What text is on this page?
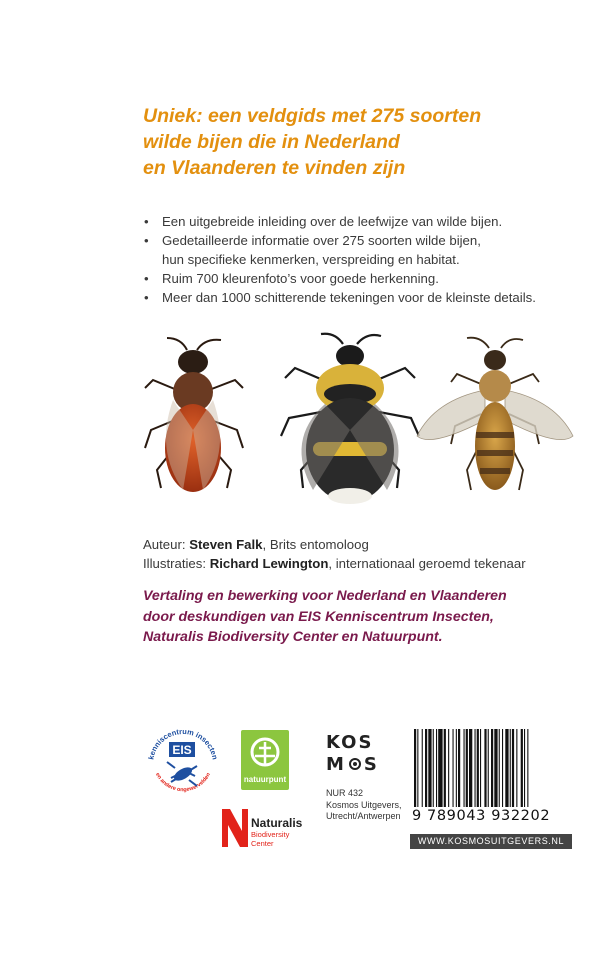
Uniek: een veldgids met 275 soorten
wilde bijen die in Nederland
en Vlaanderen te vinden zijn
• Een uitgebreide inleiding over de leefwijze van wilde bijen.
• Gedetailleerde informatie over 275 soorten wilde bijen,
hun specifieke kenmerken, verspreiding en habitat.
• Ruim 700 kleurenfoto’s voor goede herkenning.
• Meer dan 1000 schitterende tekeningen voor de kleinste details.
Auteur: Steven Falk, Brits entomoloog
Illustraties: Richard Lewington, internationaal geroemd tekenaar
Vertaling en bewerking voor Nederland en Vlaanderen
door deskundigen van EIS Kenniscentrum Insecten,
Naturalis Biodiversity Center en Natuurpunt.
kenniscentrum insecten
en andere ongewervelden
EIS
natuurpunt
Naturalis
Biodiversity
Center
KOS
M S
NUR 432
Kosmos Uitgevers,
Utrecht/Antwerpen 9 789043 932202
WWW.KOSMOSUITGEVERS.NL
